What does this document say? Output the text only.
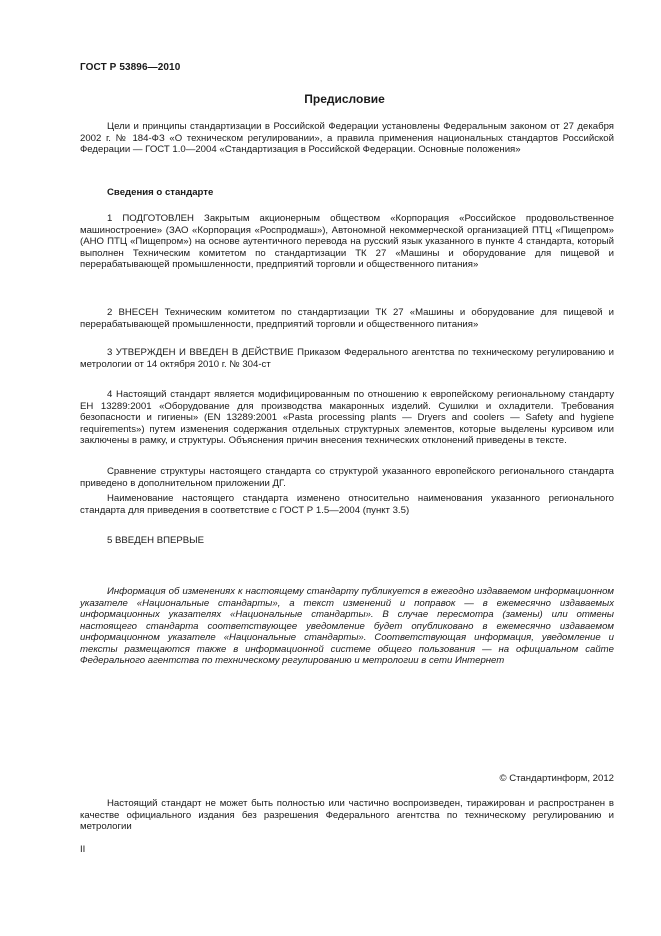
ГОСТ Р 53896—2010
Предисловие

Цели и принципы стандартизации в Российской Федерации установлены Федеральным законом от 27 декабря 2002 г. № 184-ФЗ «О техническом регулировании», а правила применения национальных стандартов Российской Федерации — ГОСТ 1.0—2004 «Стандартизация в Российской Федерации. Основные положения»

Сведения о стандарте

1 ПОДГОТОВЛЕН Закрытым акционерным обществом «Корпорация «Российское продовольственное машиностроение» (ЗАО «Корпорация «Роспродмаш»), Автономной некоммерческой организацией ПТЦ «Пищепром» (АНО ПТЦ «Пищепром») на основе аутентичного перевода на русский язык указанного в пункте 4 стандарта, который выполнен Техническим комитетом по стандартизации ТК 27 «Машины и оборудование для пищевой и перерабатывающей промышленности, предприятий торговли и общественного питания»

2 ВНЕСЕН Техническим комитетом по стандартизации ТК 27 «Машины и оборудование для пищевой и перерабатывающей промышленности, предприятий торговли и общественного питания»

3 УТВЕРЖДЕН И ВВЕДЕН В ДЕЙСТВИЕ Приказом Федерального агентства по техническому регулированию и метрологии от 14 октября 2010 г. № 304-ст

4 Настоящий стандарт является модифицированным по отношению к европейскому региональному стандарту ЕН 13289:2001 «Оборудование для производства макаронных изделий. Сушилки и охладители. Требования безопасности и гигиены» (EN 13289:2001 «Pasta processing plants — Dryers and coolers — Safety and hygiene requirements») путем изменения содержания отдельных структурных элементов, которые выделены курсивом или заключены в рамку, и структуры. Объяснения причин внесения технических отклонений приведены в тексте.

Сравнение структуры настоящего стандарта со структурой указанного европейского регионального стандарта приведено в дополнительном приложении ДГ.

Наименование настоящего стандарта изменено относительно наименования указанного регионального стандарта для приведения в соответствие с ГОСТ Р 1.5—2004 (пункт 3.5)

5 ВВЕДЕН ВПЕРВЫЕ

Информация об изменениях к настоящему стандарту публикуется в ежегодно издаваемом информационном указателе «Национальные стандарты», а текст изменений и поправок — в ежемесячно издаваемых информационных указателях «Национальные стандарты». В случае пересмотра (замены) или отмены настоящего стандарта соответствующее уведомление будет опубликовано в ежемесячно издаваемом информационном указателе «Национальные стандарты». Соответствующая информация, уведомление и тексты размещаются также в информационной системе общего пользования — на официальном сайте Федерального агентства по техническому регулированию и метрологии в сети Интернет

© Стандартинформ, 2012

Настоящий стандарт не может быть полностью или частично воспроизведен, тиражирован и распространен в качестве официального издания без разрешения Федерального агентства по техническому регулированию и метрологии

II
